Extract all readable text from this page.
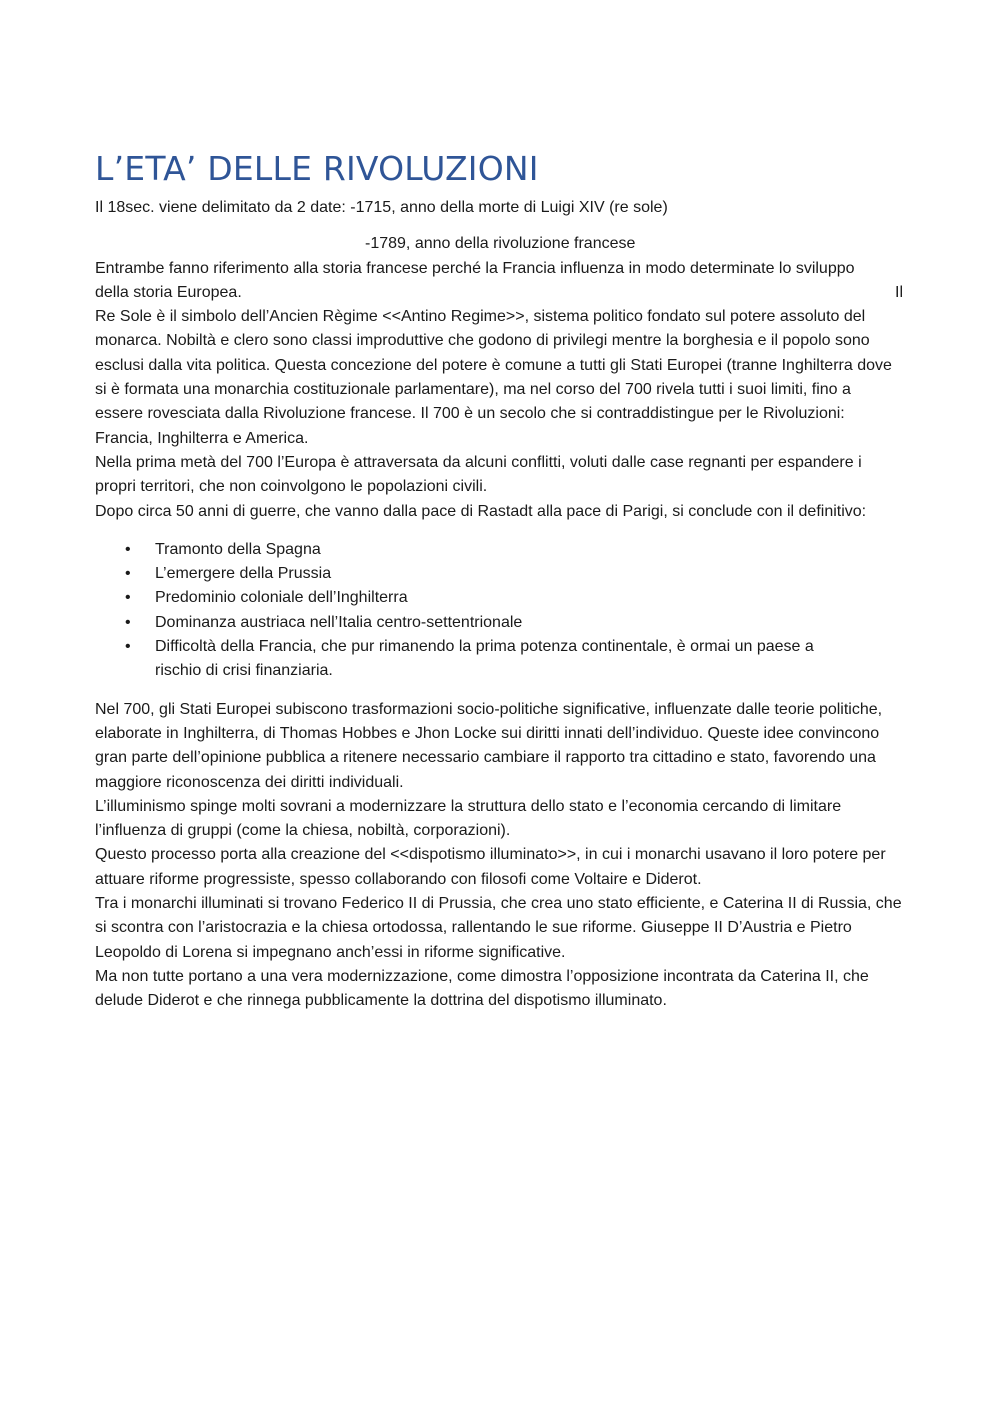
L’ETA’ DELLE RIVOLUZIONI

Il 18sec. viene delimitato da 2 date: -1715, anno della morte di Luigi XIV (re sole)

-1789, anno della rivoluzione francese

Entrambe fanno riferimento alla storia francese perché la Francia influenza in modo determinate lo sviluppo

della storia Europea.	Il

Re Sole è il simbolo dell’Ancien Règime <<Antino Regime>>, sistema politico fondato sul potere assoluto del monarca. Nobiltà e clero sono classi improduttive che godono di privilegi mentre la borghesia e il popolo sono esclusi dalla vita politica. Questa concezione del potere è comune a tutti gli Stati Europei (tranne Inghilterra dove si è formata una monarchia costituzionale parlamentare), ma nel corso del 700 rivela tutti i suoi limiti, fino a essere rovesciata dalla Rivoluzione francese. Il 700 è un secolo che si contraddistingue per le Rivoluzioni: Francia, Inghilterra e America.

Nella prima metà del 700 l’Europa è attraversata da alcuni conflitti, voluti dalle case regnanti per espandere i propri territori, che non coinvolgono le popolazioni civili.

Dopo circa 50 anni di guerre, che vanno dalla pace di Rastadt alla pace di Parigi, si conclude con il definitivo:

• Tramonto della Spagna
• L’emergere della Prussia
• Predominio coloniale dell’Inghilterra
• Dominanza austriaca nell’Italia centro-settentrionale
• Difficoltà della Francia, che pur rimanendo la prima potenza continentale, è ormai un paese a rischio di crisi finanziaria.

Nel 700, gli Stati Europei subiscono trasformazioni socio-politiche significative, influenzate dalle teorie politiche, elaborate in Inghilterra, di Thomas Hobbes e Jhon Locke sui diritti innati dell’individuo. Queste idee convincono gran parte dell’opinione pubblica a ritenere necessario cambiare il rapporto tra cittadino e stato, favorendo una maggiore riconoscenza dei diritti individuali.

L’illuminismo spinge molti sovrani a modernizzare la struttura dello stato e l’economia cercando di limitare l’influenza di gruppi (come la chiesa, nobiltà, corporazioni).

Questo processo porta alla creazione del <<dispotismo illuminato>>, in cui i monarchi usavano il loro potere per attuare riforme progressiste, spesso collaborando con filosofi come Voltaire e Diderot.

Tra i monarchi illuminati si trovano Federico II di Prussia, che crea uno stato efficiente, e Caterina II di Russia, che si scontra con l’aristocrazia e la chiesa ortodossa, rallentando le sue riforme. Giuseppe II D’Austria e Pietro Leopoldo di Lorena si impegnano anch’essi in riforme significative.

Ma non tutte portano a una vera modernizzazione, come dimostra l’opposizione incontrata da Caterina II, che delude Diderot e che rinnega pubblicamente la dottrina del dispotismo illuminato.
